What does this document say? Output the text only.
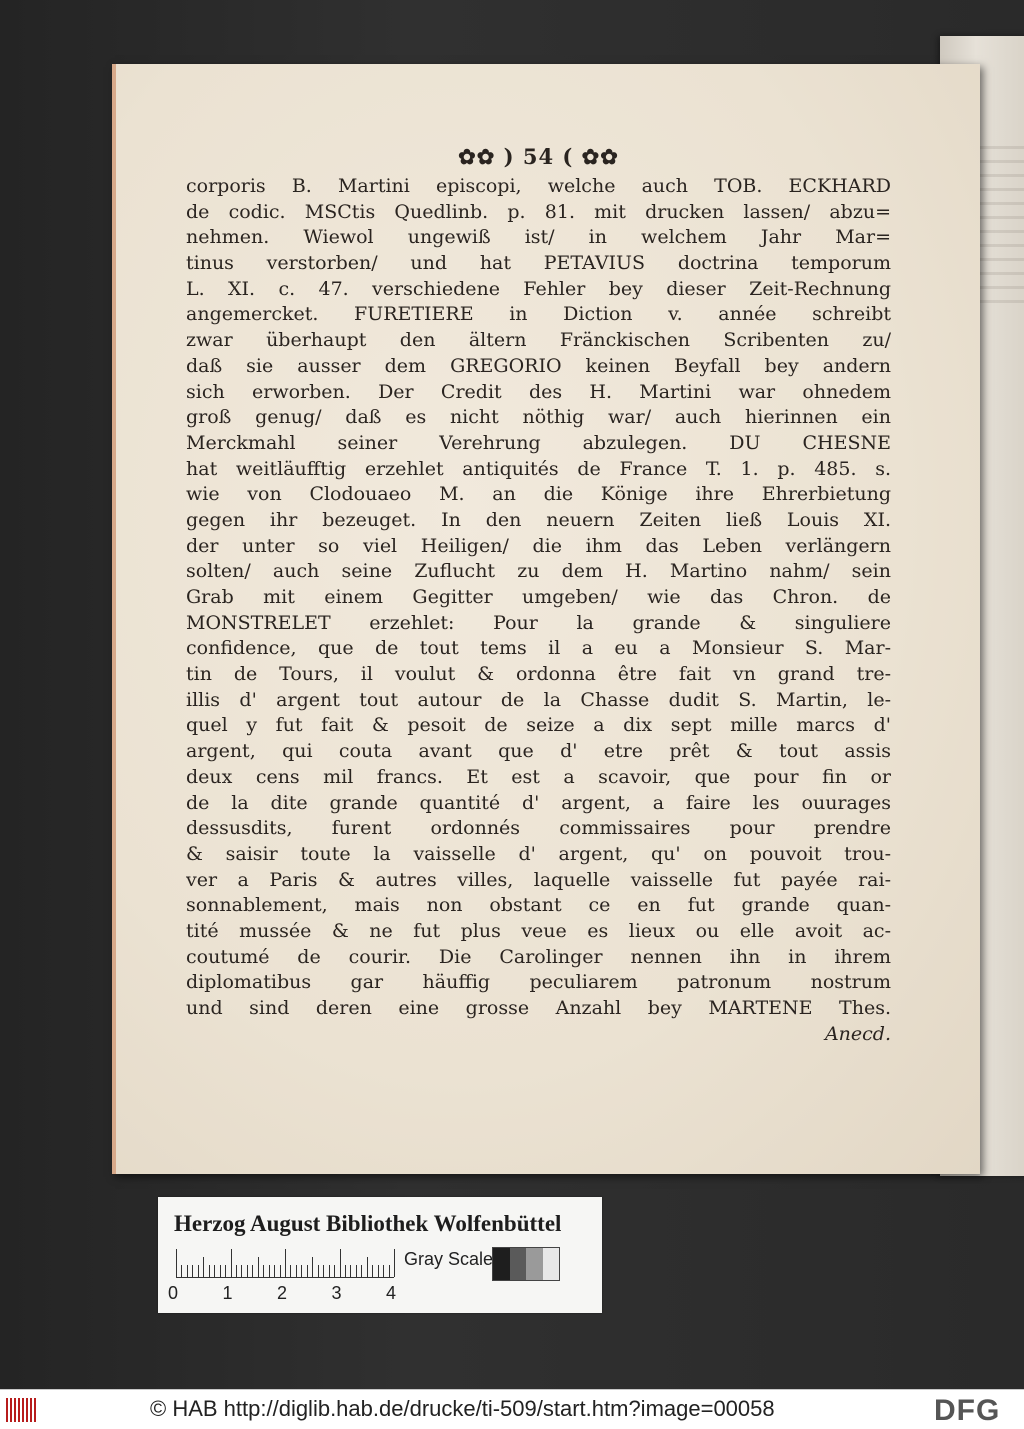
✿✿ ) 54 ( ✿✿
corporis B. Martini episcopi, welche auch TOB. ECKHARD
de codic. MSCtis Quedlinb. p. 81. mit drucken lassen/ abzu=
nehmen. Wiewol ungewiß ist/ in welchem Jahr Mar=
tinus verstorben/ und hat PETAVIUS doctrina temporum
L. XI. c. 47. verschiedene Fehler bey dieser Zeit-Rechnung
angemercket. FURETIERE in Diction v. année schreibt
zwar überhaupt den ältern Fränckischen Scribenten zu/
daß sie ausser dem GREGORIO keinen Beyfall bey andern
sich erworben. Der Credit des H. Martini war ohnedem
groß genug/ daß es nicht nöthig war/ auch hierinnen ein
Merckmahl seiner Verehrung abzulegen. DU CHESNE
hat weitläufftig erzehlet antiquités de France T. 1. p. 485. s.
wie von Clodouaeo M. an die Könige ihre Ehrerbietung
gegen ihr bezeuget. In den neuern Zeiten ließ Louis XI.
der unter so viel Heiligen/ die ihm das Leben verlängern
solten/ auch seine Zuflucht zu dem H. Martino nahm/ sein
Grab mit einem Gegitter umgeben/ wie das Chron. de
MONSTRELET erzehlet: Pour la grande & singuliere
confidence, que de tout tems il a eu a Monsieur S. Mar-
tin de Tours, il voulut & ordonna être fait vn grand tre-
illis d' argent tout autour de la Chasse dudit S. Martin, le-
quel y fut fait & pesoit de seize a dix sept mille marcs d'
argent, qui couta avant que d' etre prêt & tout assis
deux cens mil francs. Et est a scavoir, que pour fin or
de la dite grande quantité d' argent, a faire les ouurages
dessusdits, furent ordonnés commissaires pour prendre
& saisir toute la vaisselle d' argent, qu' on pouvoit trou-
ver a Paris & autres villes, laquelle vaisselle fut payée rai-
sonnablement, mais non obstant ce en fut grande quan-
tité mussée & ne fut plus veue es lieux ou elle avoit ac-
coutumé de courir. Die Carolinger nennen ihn in ihrem
diplomatibus gar häuffig peculiarem patronum nostrum
und sind deren eine grosse Anzahl bey MARTENE Thes.
Anecd.
Herzog August Bibliothek Wolfenbüttel
0 1 2 3 4
Gray Scale
© HAB http://diglib.hab.de/drucke/ti-509/start.htm?image=00058	DFG
